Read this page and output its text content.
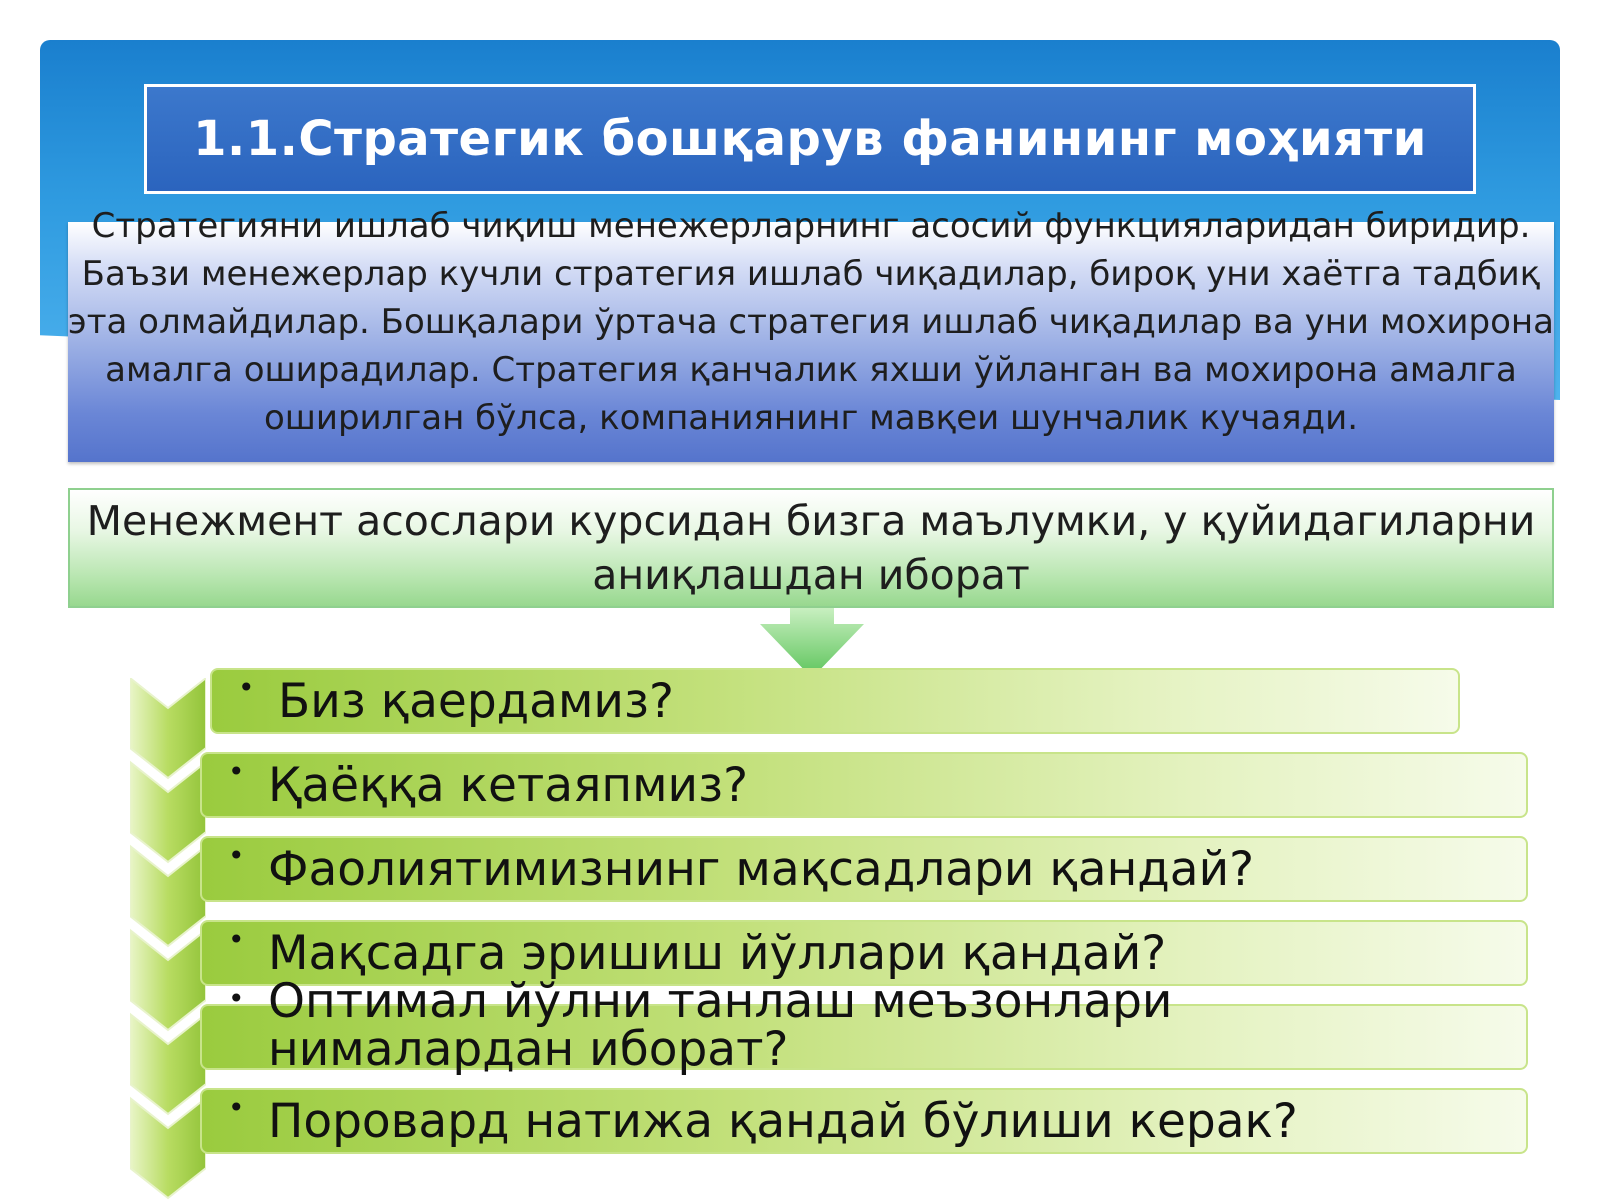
1.1.Стратегик бошқарув фанининг моҳияти
Стратегияни ишлаб чиқиш менежерларнинг асосий функцияларидан биридир. Баъзи менежерлар кучли стратегия ишлаб чиқадилар, бироқ уни хаётга тадбиқ эта олмайдилар. Бошқалари ўртача стратегия ишлаб чиқадилар ва уни мохирона амалга оширадилар. Стратегия қанчалик яхши ўйланган ва мохирона амалга оширилган бўлса, компаниянинг мавқеи шунчалик кучаяди.
Менежмент асослари курсидан бизга маълумки, у қуйидагиларни аниқлашдан иборат
• Биз қаердамиз?
• Қаёққа кетаяпмиз?
• Фаолиятимизнинг мақсадлари қандай?
• Мақсадга эришиш йўллари қандай?
• Оптимал йўлни танлаш меъзонлари нималардан иборат?
• Поровард натижа қандай бўлиши керак?
